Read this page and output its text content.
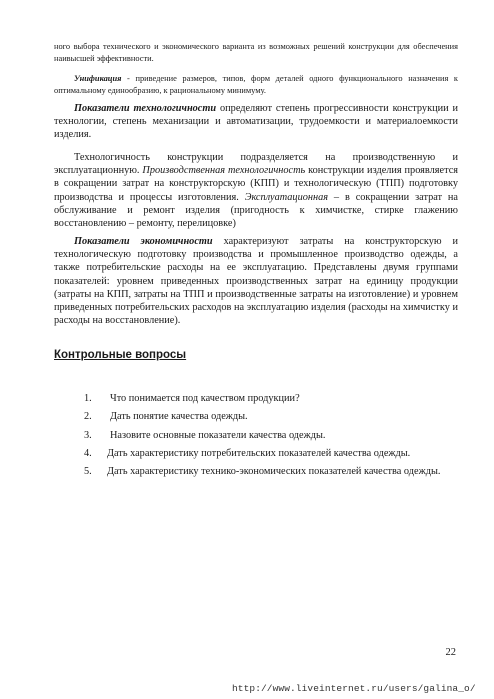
ного выбора технического и экономического варианта из возможных решений конструкции для обеспечения наивысшей эффективности.

Унификация - приведение размеров, типов, форм деталей одного функционального назначения к оптимальному единообразию, к рациональному минимуму.

Показатели технологичности определяют степень прогрессивности конструкции и технологии, степень механизации и автоматизации, трудоемкости и материалоемкости изделия.

Технологичность конструкции подразделяется на производственную и эксплуатационную. Производственная технологичность конструкции изделия проявляется в сокращении затрат на конструкторскую (КПП) и технологическую (ТПП) подготовку производства и процессы изготовления. Эксплуатационная – в сокращении затрат на обслуживание и ремонт изделия (пригодность к химчистке, стирке глажению восстановлению – ремонту, перелицовке)

Показатели экономичности характеризуют затраты на конструкторскую и технологическую подготовку производства и промышленное производство одежды, а также потребительские расходы на ее эксплуатацию. Представлены двумя группами показателей: уровнем приведенных производственных затрат на единицу продукции (затраты на КПП, затраты на ТПП и производственные затраты на изготовление) и уровнем приведенных потребительских расходов на эксплуатацию изделия (расходы на химчистку и расходы на восстановление).

Контрольные вопросы
1. Что понимается под качеством продукции?
2. Дать понятие качества одежды.
3. Назовите основные показатели качества одежды.
4. Дать характеристику потребительских показателей качества одежды.
5. Дать характеристику технико-экономических показателей качества одежды.
22
http://www.liveinternet.ru/users/galina_o/
